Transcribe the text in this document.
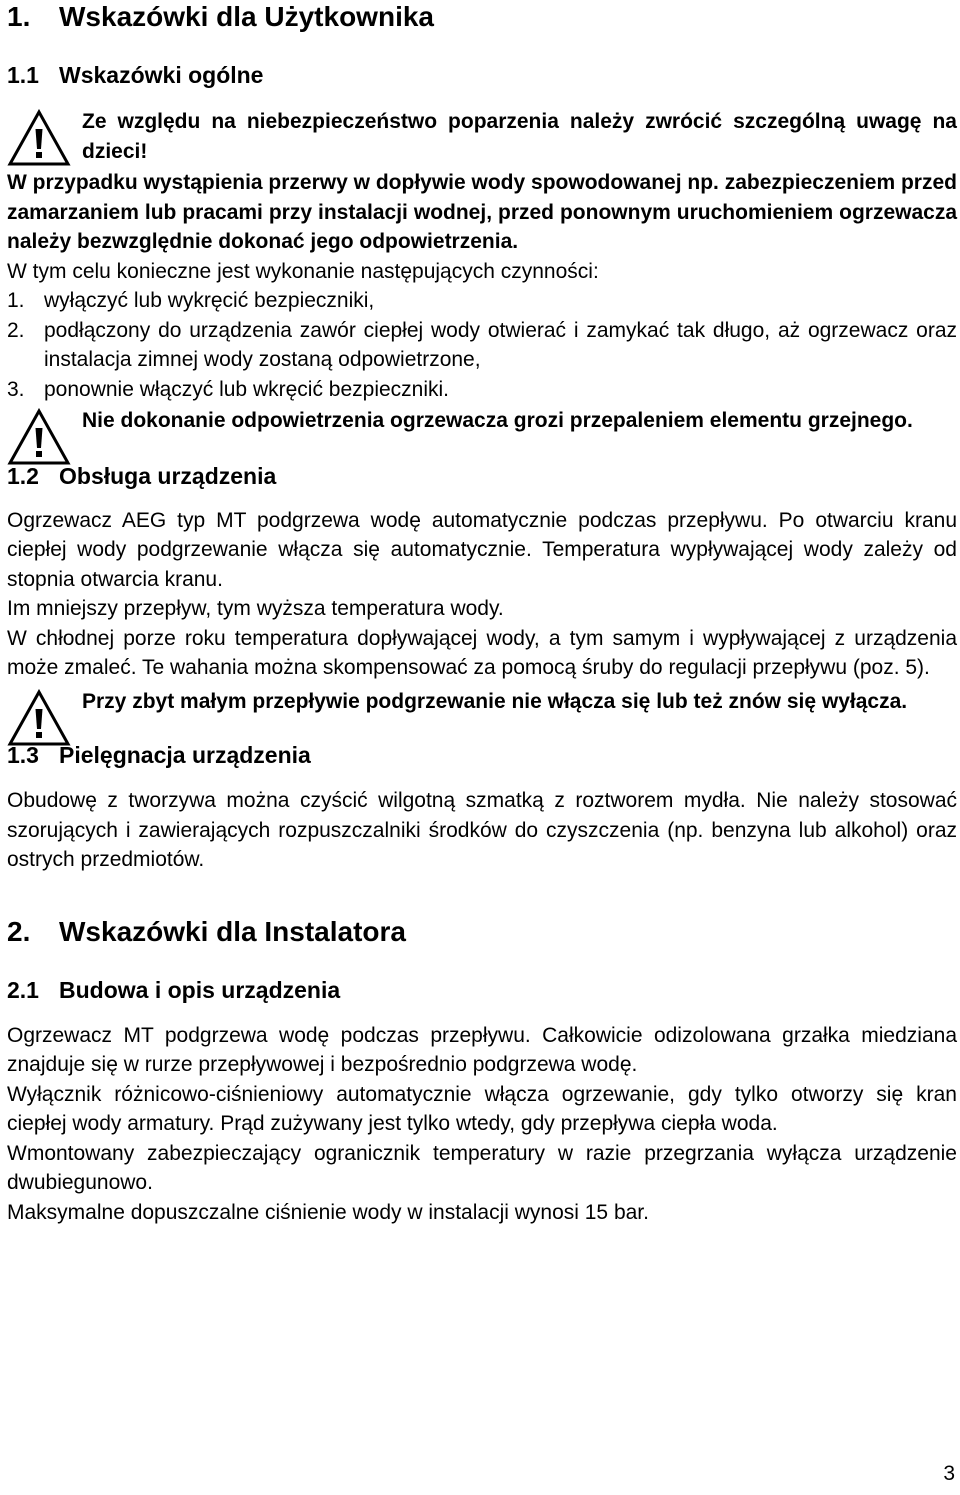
1. Wskazówki dla Użytkownika
1.1 Wskazówki ogólne

Ze względu na niebezpieczeństwo poparzenia należy zwrócić szczególną uwagę na dzieci!

W przypadku wystąpienia przerwy w dopływie wody spowodowanej np. zabezpieczeniem przed zamarzaniem lub pracami przy instalacji wodnej, przed ponownym uruchomieniem ogrzewacza należy bezwzględnie dokonać jego odpowietrzenia.

W tym celu konieczne jest wykonanie następujących czynności:

1. wyłączyć lub wykręcić bezpieczniki,
2. podłączony do urządzenia zawór ciepłej wody otwierać i zamykać tak długo, aż ogrzewacz oraz instalacja zimnej wody zostaną odpowietrzone,
3. ponownie włączyć lub wkręcić bezpieczniki.

Nie dokonanie odpowietrzenia ogrzewacza grozi przepaleniem elementu grzejnego.

1.2 Obsługa urządzenia

Ogrzewacz AEG typ MT podgrzewa wodę automatycznie podczas przepływu. Po otwarciu kranu ciepłej wody podgrzewanie włącza się automatycznie. Temperatura wypływającej wody zależy od stopnia otwarcia kranu.

Im mniejszy przepływ, tym wyższa temperatura wody.

W chłodnej porze roku temperatura dopływającej wody, a tym samym i wypływającej z urządzenia może zmaleć. Te wahania można skompensować za pomocą śruby do regulacji przepływu (poz. 5).

Przy zbyt małym przepływie podgrzewanie nie włącza się lub też znów się wyłącza.

1.3 Pielęgnacja urządzenia

Obudowę z tworzywa można czyścić wilgotną szmatką z roztworem mydła. Nie należy stosować szorujących i zawierających rozpuszczalniki środków do czyszczenia (np. benzyna lub alkohol) oraz ostrych przedmiotów.

2. Wskazówki dla Instalatora
2.1 Budowa i opis urządzenia

Ogrzewacz MT podgrzewa wodę podczas przepływu. Całkowicie odizolowana grzałka miedziana znajduje się w rurze przepływowej i bezpośrednio podgrzewa wodę.

Wyłącznik różnicowo-ciśnieniowy automatycznie włącza ogrzewanie, gdy tylko otworzy się kran ciepłej wody armatury. Prąd zużywany jest tylko wtedy, gdy przepływa ciepła woda.

Wmontowany zabezpieczający ogranicznik temperatury w razie przegrzania wyłącza urządzenie dwubiegunowo.

Maksymalne dopuszczalne ciśnienie wody w instalacji wynosi 15 bar.

3
